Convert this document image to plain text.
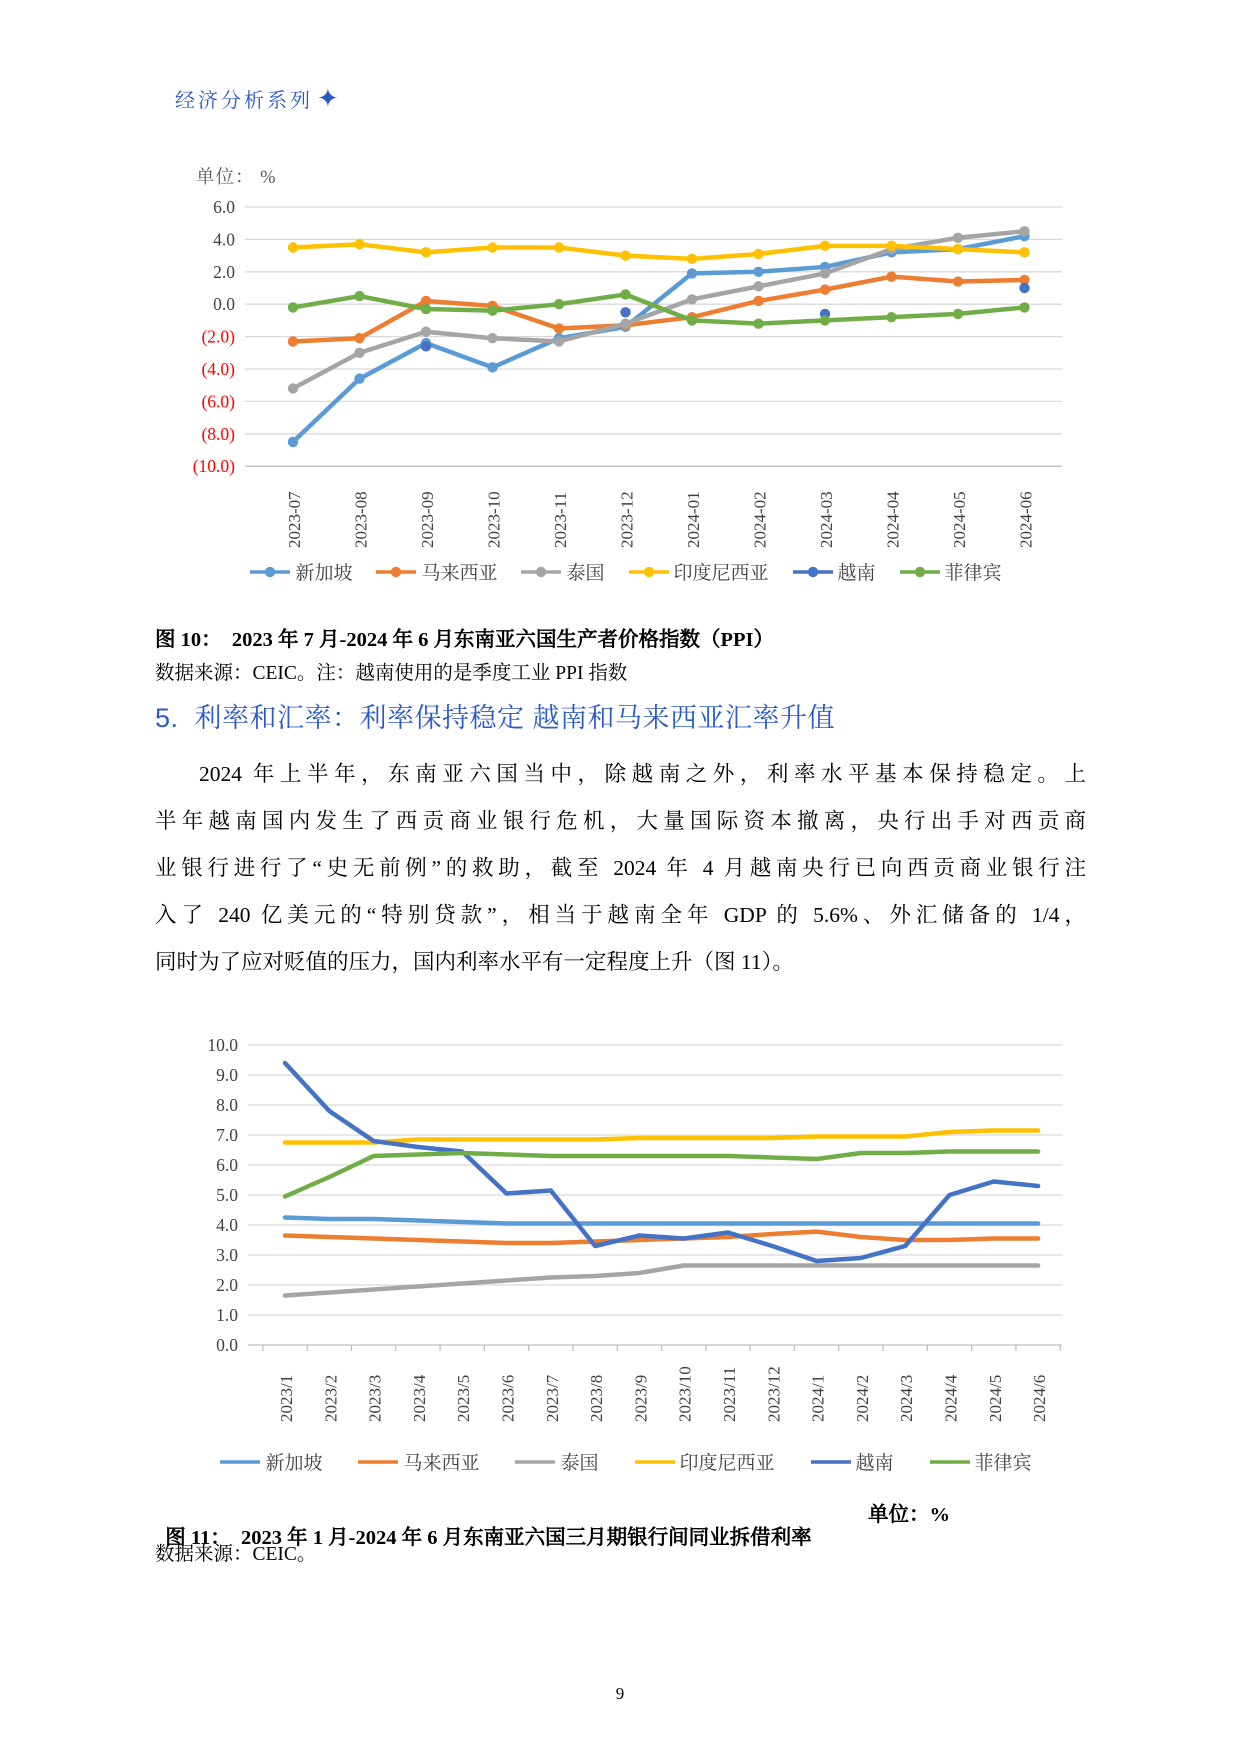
经济分析系列 ✦
单位： %
6.0
4.0
2.0
0.0
(2.0)
(4.0)
(6.0)
(8.0)
(10.0)
2023-07	2023-08	2023-09	2023-10	2023-11	2023-12	2024-01	2024-02	2024-03	2024-04	2024-05	2024-06
新加坡	马来西亚	泰国	印度尼西亚	越南	菲律宾
图 10：  2023 年 7 月-2024 年 6 月东南亚六国生产者价格指数（PPI）
数据来源：CEIC。注：越南使用的是季度工业 PPI 指数
5.  利率和汇率：利率保持稳定 越南和马来西亚汇率升值
2024 年上半年，东南亚六国当中，除越南之外，利率水平基本保持稳定。上
半年越南国内发生了西贡商业银行危机，大量国际资本撤离，央行出手对西贡商
业银行进行了“史无前例”的救助，截至 2024 年 4 月越南央行已向西贡商业银行注
入了 240 亿美元的“特别贷款”，相当于越南全年 GDP 的 5.6%、外汇储备的 1/4，
同时为了应对贬值的压力，国内利率水平有一定程度上升（图 11）。
10.0
9.0
8.0
7.0
6.0
5.0
4.0
3.0
2.0
1.0
0.0
2023/1 2023/2 2023/3 2023/4 2023/5 2023/6 2023/7 2023/8 2023/9 2023/10 2023/11 2023/12 2024/1 2024/2 2024/3 2024/4 2024/5 2024/6
新加坡	马来西亚	泰国	印度尼西亚	越南	菲律宾

图 11：  2023 年 1 月-2024 年 6 月东南亚六国三月期银行间同业拆借利率

单位：%

数据来源：CEIC。
9
